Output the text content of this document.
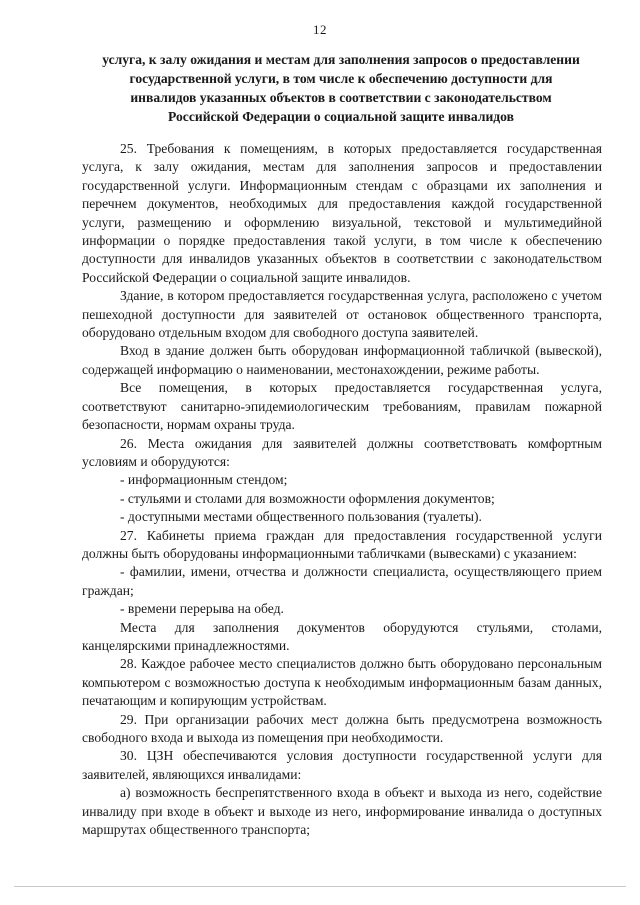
12
услуга, к залу ожидания и местам для заполнения запросов о предоставлении
государственной услуги, в том числе к обеспечению доступности для
инвалидов указанных объектов в соответствии с законодательством
Российской Федерации о социальной защите инвалидов

25. Требования к помещениям, в которых предоставляется государственная услуга, к залу ожидания, местам для заполнения запросов и предоставлении государственной услуги. Информационным стендам с образцами их заполнения и перечнем документов, необходимых для предоставления каждой государственной услуги, размещению и оформлению визуальной, текстовой и мультимедийной информации о порядке предоставления такой услуги, в том числе к обеспечению доступности для инвалидов указанных объектов в соответствии с законодательством Российской Федерации о социальной защите инвалидов.

Здание, в котором предоставляется государственная услуга, расположено с учетом пешеходной доступности для заявителей от остановок общественного транспорта, оборудовано отдельным входом для свободного доступа заявителей.

Вход в здание должен быть оборудован информационной табличкой (вывеской), содержащей информацию о наименовании, местонахождении, режиме работы.

Все помещения, в которых предоставляется государственная услуга, соответствуют санитарно-эпидемиологическим требованиям, правилам пожарной безопасности, нормам охраны труда.

26. Места ожидания для заявителей должны соответствовать комфортным условиям и оборудуются:

- информационным стендом;

- стульями и столами для возможности оформления документов;

- доступными местами общественного пользования (туалеты).

27. Кабинеты приема граждан для предоставления государственной услуги должны быть оборудованы информационными табличками (вывесками) с указанием:

- фамилии, имени, отчества и должности специалиста, осуществляющего прием граждан;

- времени перерыва на обед.

Места для заполнения документов оборудуются стульями, столами, канцелярскими принадлежностями.

28. Каждое рабочее место специалистов должно быть оборудовано персональным компьютером с возможностью доступа к необходимым информационным базам данных, печатающим и копирующим устройствам.

29. При организации рабочих мест должна быть предусмотрена возможность свободного входа и выхода из помещения при необходимости.

30. ЦЗН обеспечиваются условия доступности государственной услуги для заявителей, являющихся инвалидами:

а) возможность беспрепятственного входа в объект и выхода из него, содействие инвалиду при входе в объект и выходе из него, информирование инвалида о доступных маршрутах общественного транспорта;
